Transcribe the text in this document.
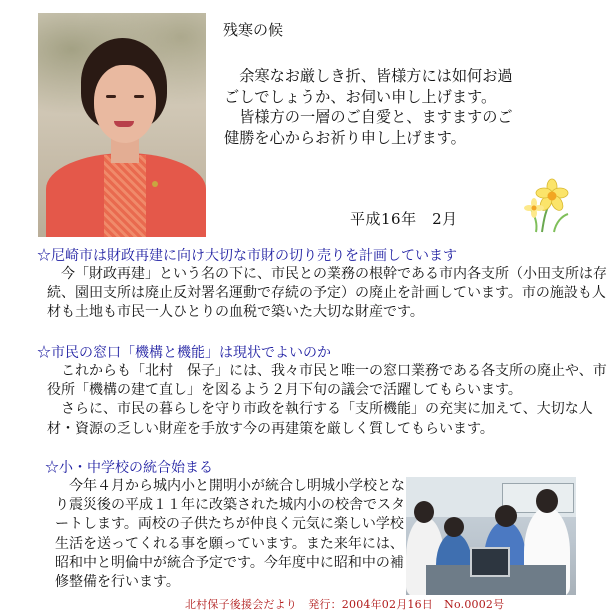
残寒の候

余寒なお厳しき折、皆様方には如何お過ごしでしょうか、お伺い申し上げます。

皆様方の一層のご自愛と、ますますのご健勝を心からお祈り申し上げます。

平成16年　2月
☆尼崎市は財政再建に向け大切な市財の切り売りを計画しています

　今「財政再建」という名の下に、市民との業務の根幹である市内各支所（小田支所は存続、園田支所は廃止反対署名運動で存続の予定）の廃止を計画しています。市の施設も人材も土地も市民一人ひとりの血税で築いた大切な財産です。

☆市民の窓口「機構と機能」は現状でよいのか

　これからも「北村　保子」には、我々市民と唯一の窓口業務である各支所の廃止や、市役所「機構の建て直し」を図るよう２月下旬の議会で活躍してもらいます。

　さらに、市民の暮らしを守り市政を執行する「支所機能」の充実に加えて、大切な人材・資源の乏しい財産を手放す今の再建策を厳しく質してもらいます。

☆小・中学校の統合始まる

　今年４月から城内小と開明小が統合し明城小学校となり震災後の平成１１年に改築された城内小の校舎でスタートします。両校の子供たちが仲良く元気に楽しい学校生活を送ってくれる事を願っています。また来年には、昭和中と明倫中が統合予定です。今年度中に昭和中の補修整備を行います。

北村保子後援会だより　発行：2004年02月16日　No.0002号
